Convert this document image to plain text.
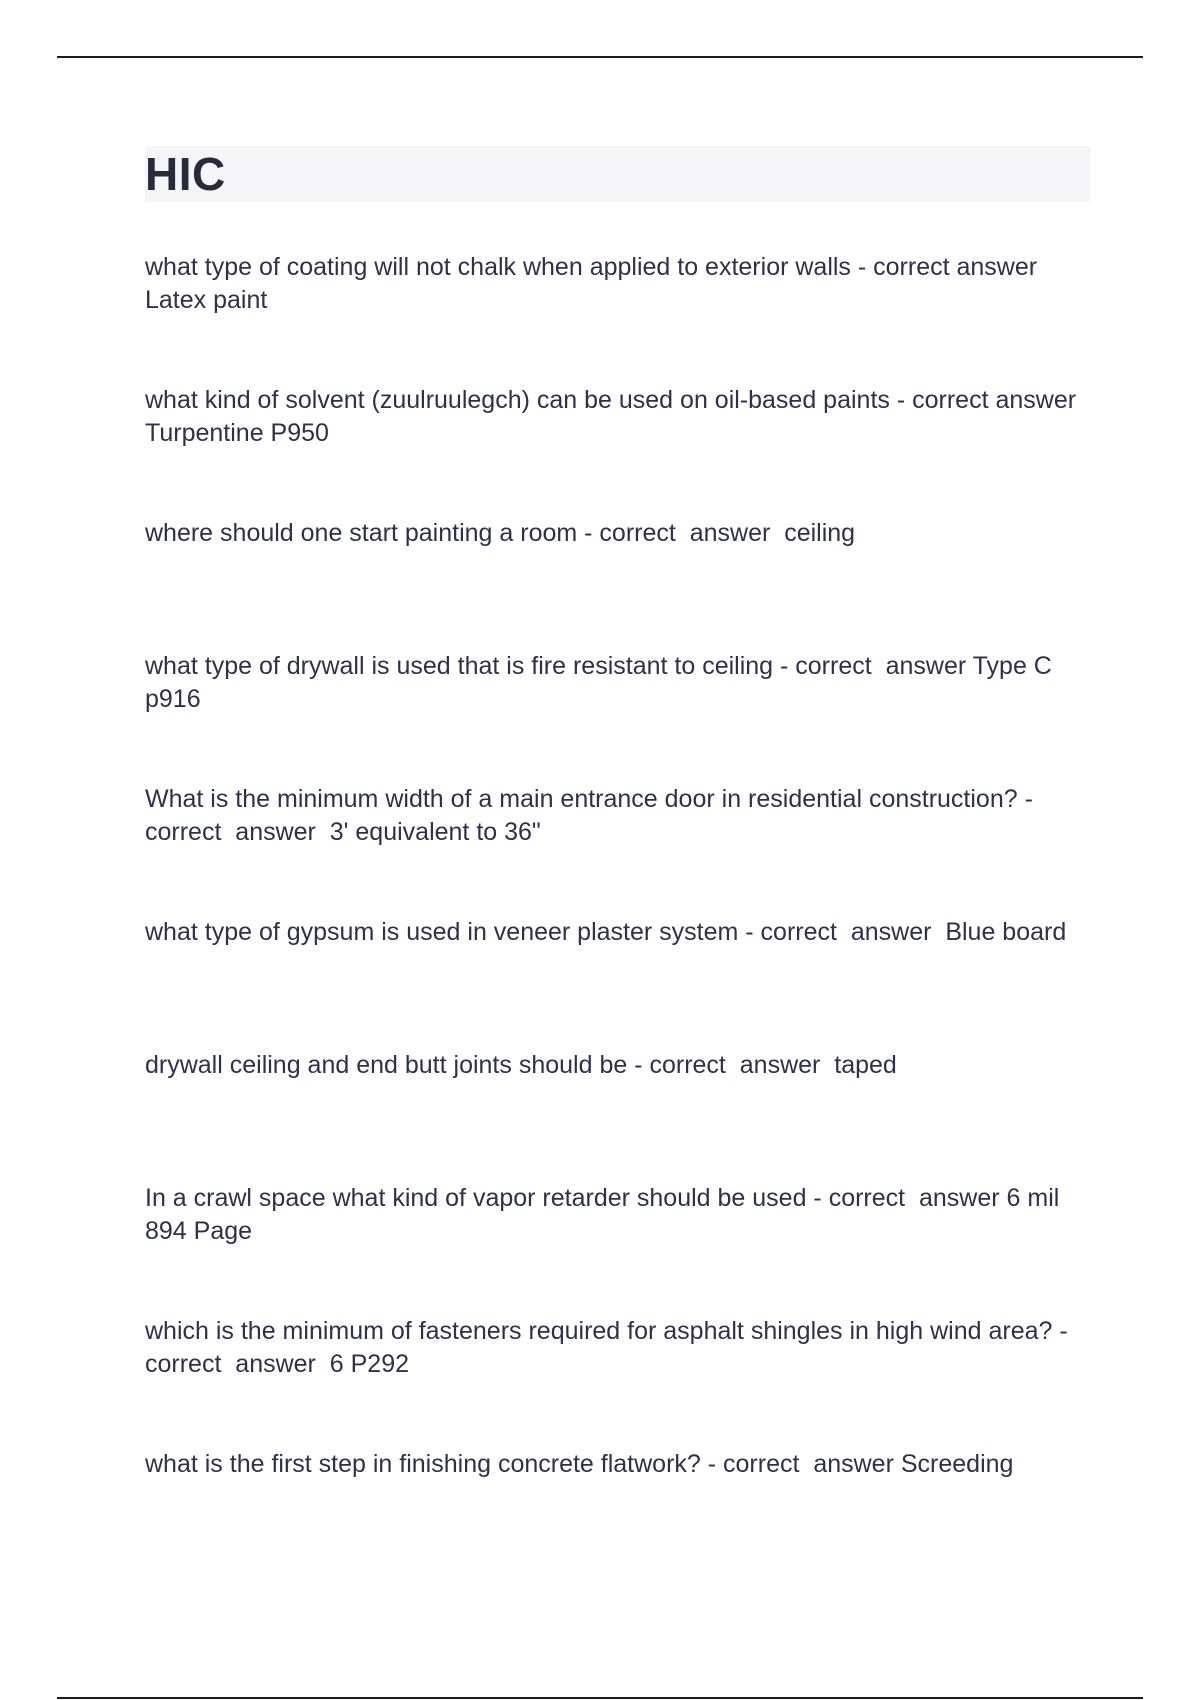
HIC

what type of coating will not chalk when applied to exterior walls - correct answer  Latex paint

what kind of solvent (zuulruulegch) can be used on oil-based paints - correct answer  Turpentine P950

where should one start painting a room - correct  answer  ceiling

what type of drywall is used that is fire resistant to ceiling - correct  answer Type C p916

What is the minimum width of a main entrance door in residential construction? - correct  answer  3' equivalent to 36"

what type of gypsum is used in veneer plaster system - correct  answer  Blue board

drywall ceiling and end butt joints should be - correct  answer  taped

In a crawl space what kind of vapor retarder should be used - correct  answer 6 mil 894 Page

which is the minimum of fasteners required for asphalt shingles in high wind area? - correct  answer  6 P292

what is the first step in finishing concrete flatwork? - correct  answer Screeding
